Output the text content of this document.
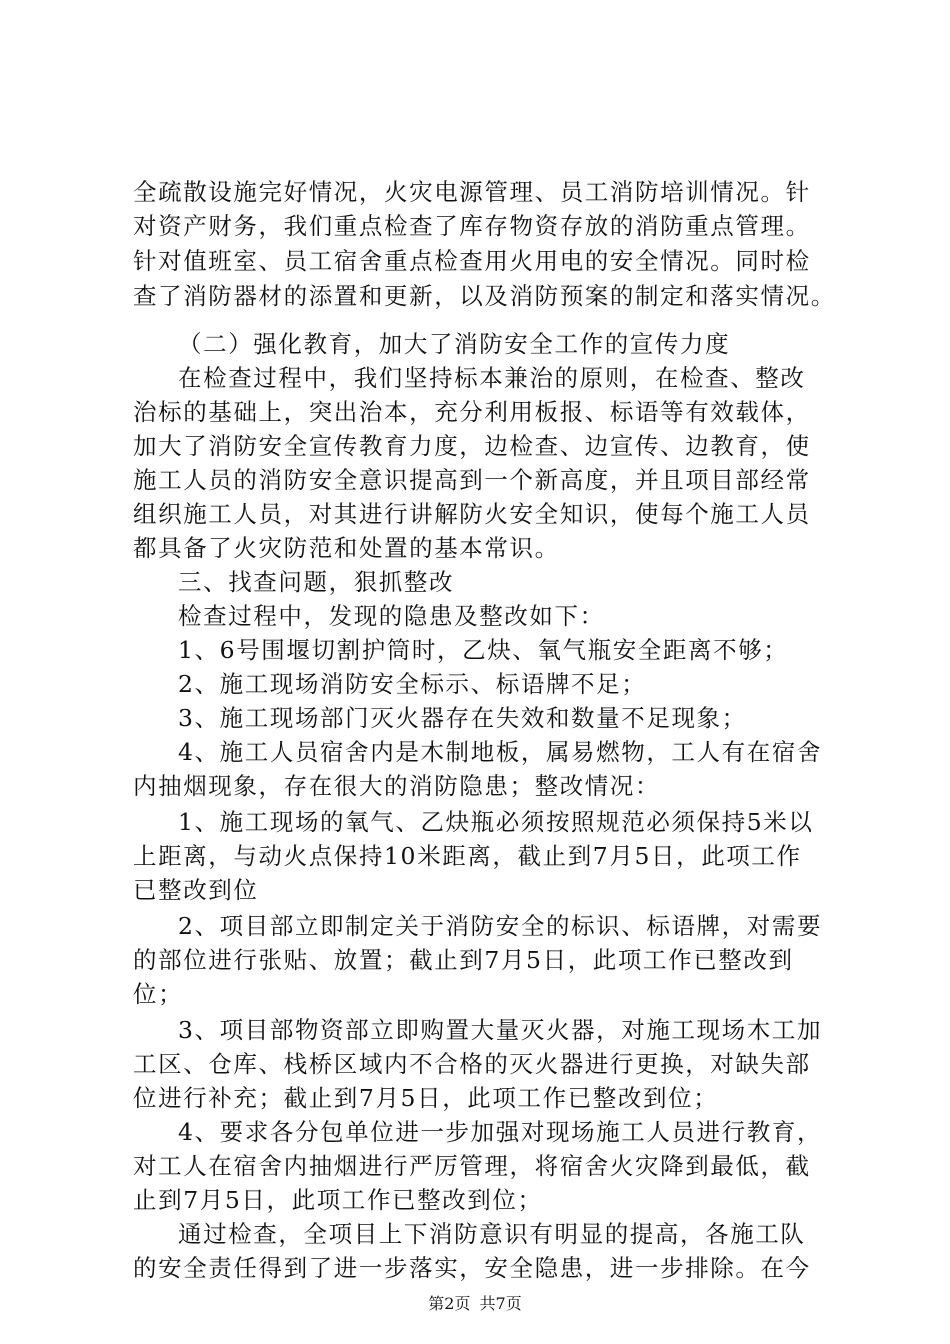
全疏散设施完好情况，火灾电源管理、员工消防培训情况。针
对资产财务，我们重点检查了库存物资存放的消防重点管理。
针对值班室、员工宿舍重点检查用火用电的安全情况。同时检
查了消防器材的添置和更新，以及消防预案的制定和落实情况。
（二）强化教育，加大了消防安全工作的宣传力度
在检查过程中，我们坚持标本兼治的原则，在检查、整改
治标的基础上，突出治本，充分利用板报、标语等有效载体，
加大了消防安全宣传教育力度，边检查、边宣传、边教育，使
施工人员的消防安全意识提高到一个新高度，并且项目部经常
组织施工人员，对其进行讲解防火安全知识，使每个施工人员
都具备了火灾防范和处置的基本常识。
三、找查问题，狠抓整改
检查过程中，发现的隐患及整改如下：
1、6号围堰切割护筒时，乙炔、氧气瓶安全距离不够；
2、施工现场消防安全标示、标语牌不足；
3、施工现场部门灭火器存在失效和数量不足现象；
4、施工人员宿舍内是木制地板，属易燃物，工人有在宿舍
内抽烟现象，存在很大的消防隐患；整改情况：
1、施工现场的氧气、乙炔瓶必须按照规范必须保持5米以
上距离，与动火点保持10米距离，截止到7月5日，此项工作
已整改到位
2、项目部立即制定关于消防安全的标识、标语牌，对需要
的部位进行张贴、放置；截止到7月5日，此项工作已整改到
位；
3、项目部物资部立即购置大量灭火器，对施工现场木工加
工区、仓库、栈桥区域内不合格的灭火器进行更换，对缺失部
位进行补充；截止到7月5日，此项工作已整改到位；
4、要求各分包单位进一步加强对现场施工人员进行教育，
对工人在宿舍内抽烟进行严厉管理，将宿舍火灾降到最低，截
止到7月5日，此项工作已整改到位；
通过检查，全项目上下消防意识有明显的提高，各施工队
的安全责任得到了进一步落实，安全隐患，进一步排除。在今
第2页 共7页
